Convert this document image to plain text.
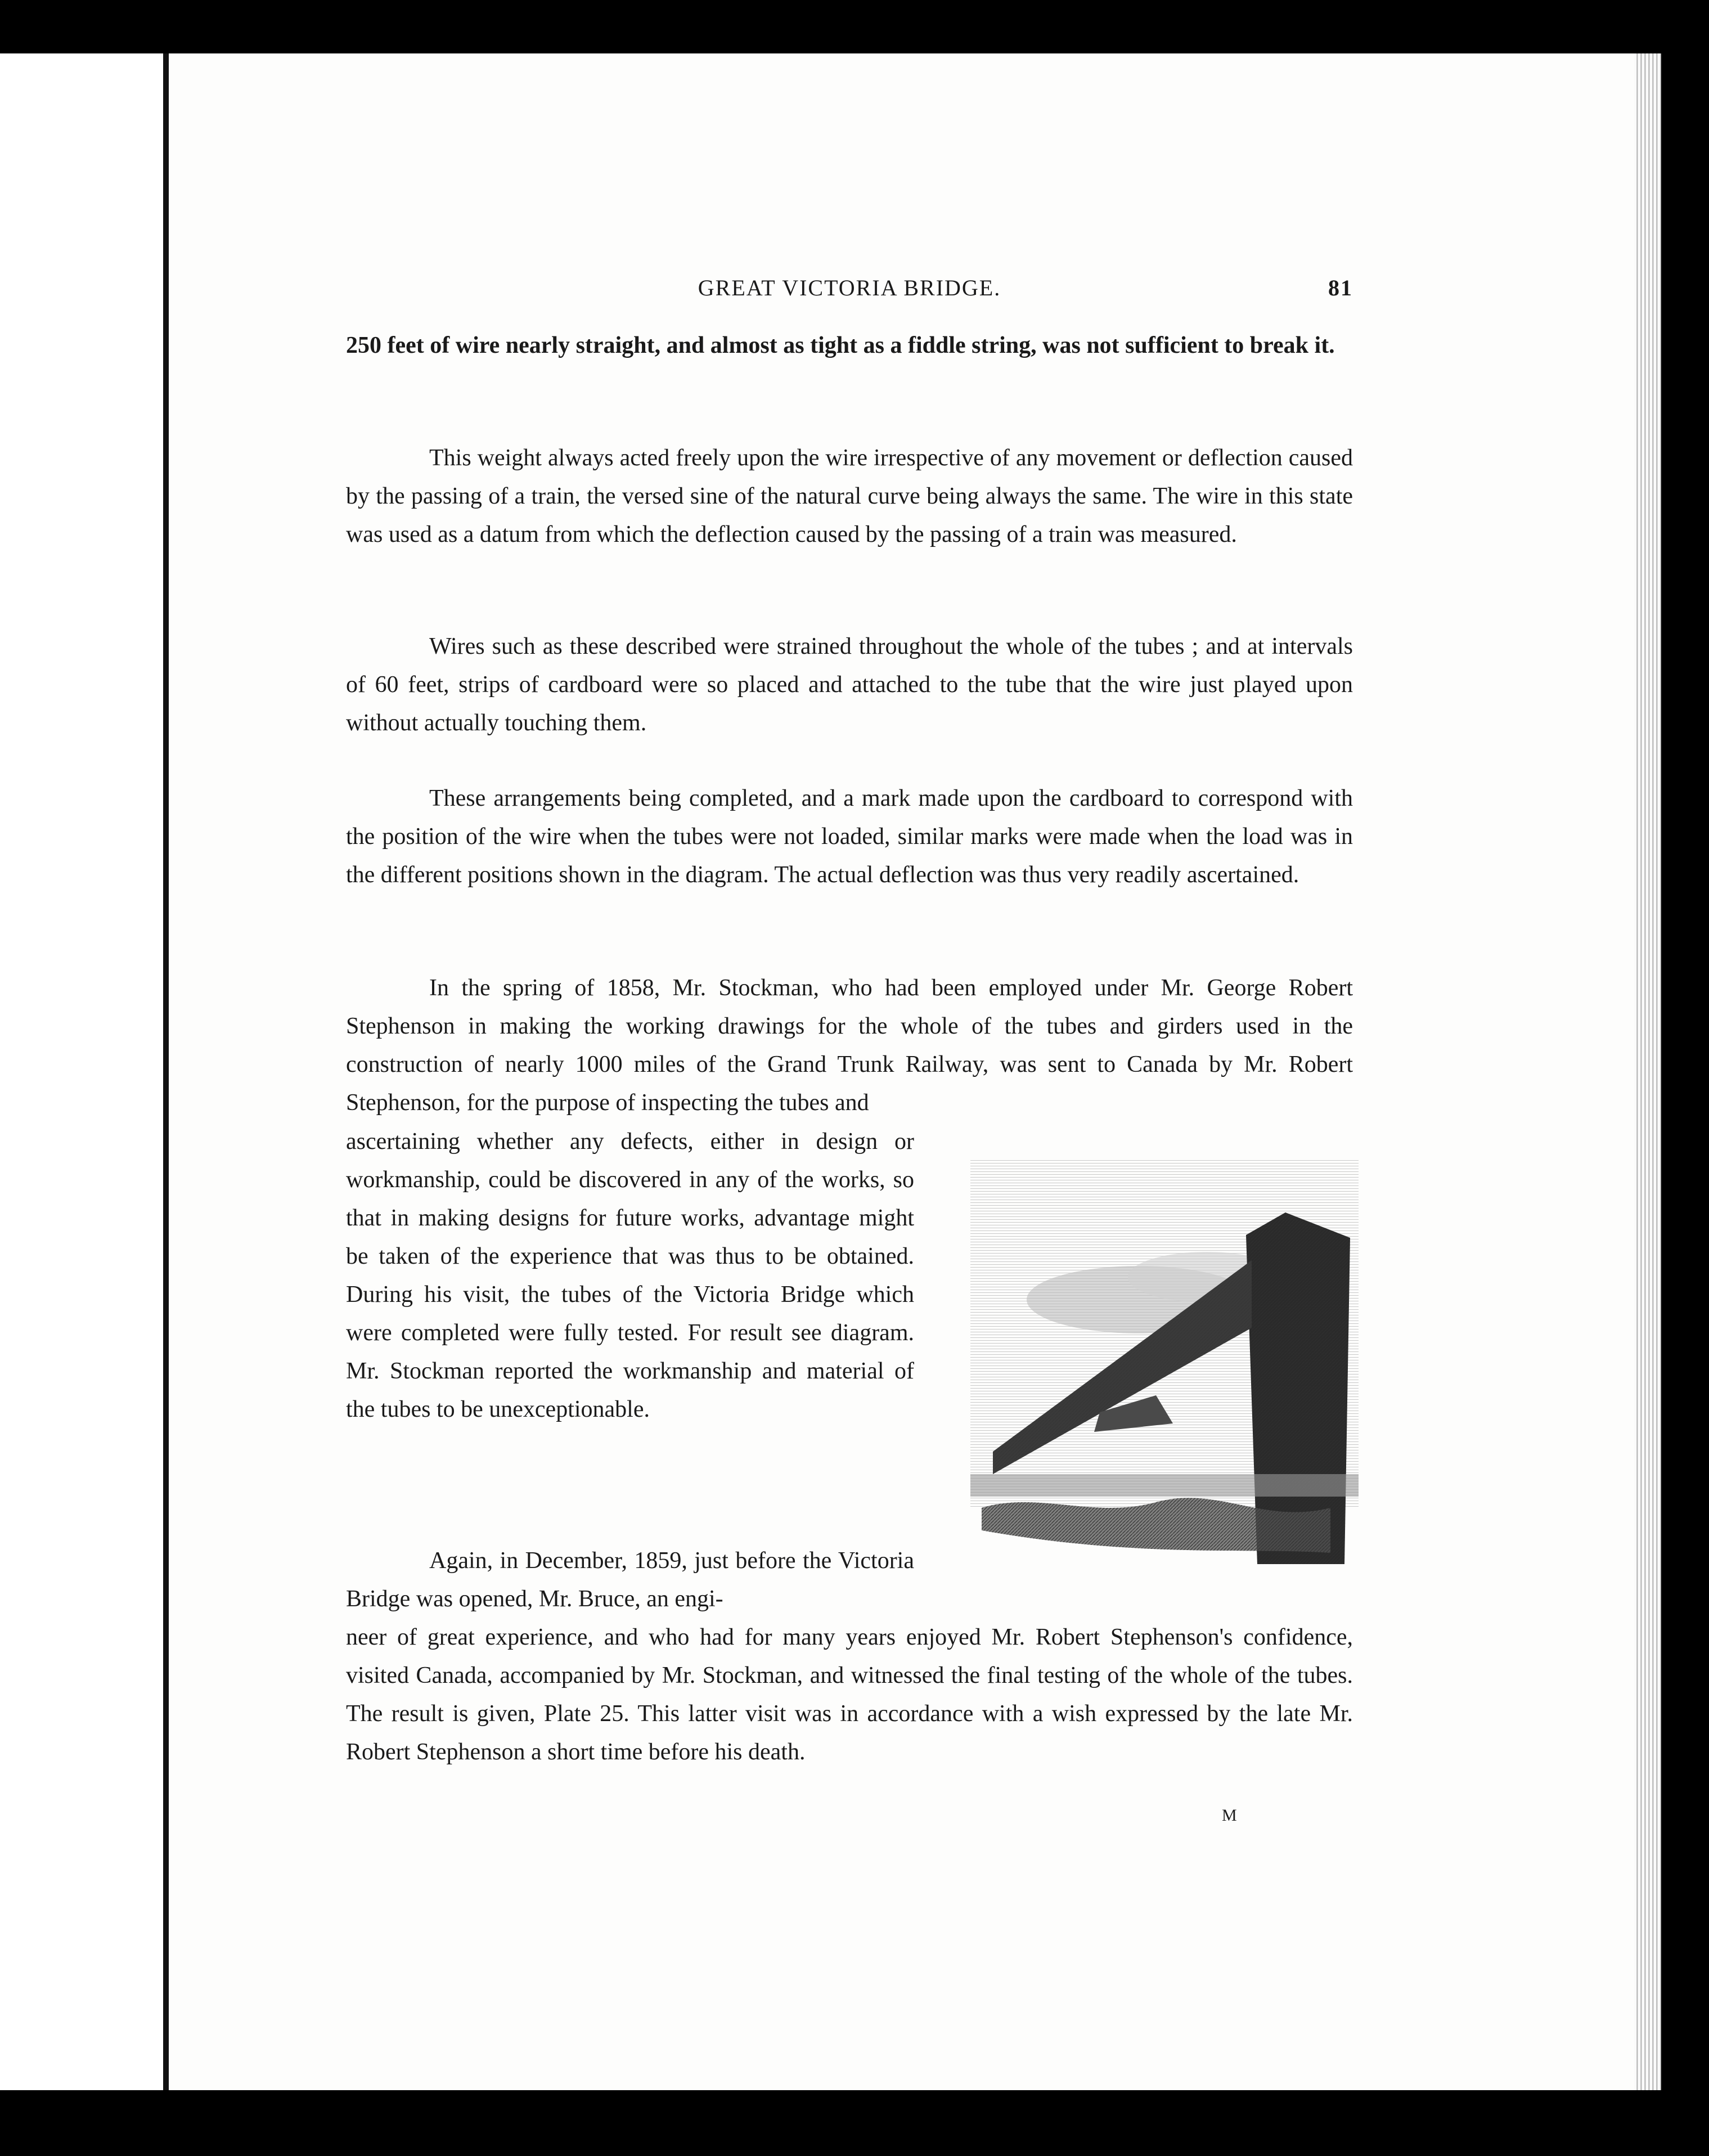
GREAT VICTORIA BRIDGE.	81

250 feet of wire nearly straight, and almost as tight as a fiddle string, was not sufficient to break it.

This weight always acted freely upon the wire irrespective of any movement or deflection caused by the passing of a train, the versed sine of the natural curve being always the same. The wire in this state was used as a datum from which the deflection caused by the passing of a train was measured.

Wires such as these described were strained throughout the whole of the tubes ; and at intervals of 60 feet, strips of cardboard were so placed and attached to the tube that the wire just played upon without actually touching them.

These arrangements being completed, and a mark made upon the cardboard to correspond with the position of the wire when the tubes were not loaded, similar marks were made when the load was in the different positions shown in the diagram. The actual deflection was thus very readily ascertained.

In the spring of 1858, Mr. Stockman, who had been employed under Mr. George Robert Stephenson in making the working drawings for the whole of the tubes and girders used in the construction of nearly 1000 miles of the Grand Trunk Railway, was sent to Canada by Mr. Robert Stephenson, for the purpose of inspecting the tubes and

ascertaining whether any defects, either in design or workmanship, could be discovered in any of the works, so that in making designs for future works, advantage might be taken of the experience that was thus to be obtained. During his visit, the tubes of the Victoria Bridge which were completed were fully tested. For result see diagram. Mr. Stockman reported the workmanship and material of the tubes to be unexceptionable.

Again, in December, 1859, just before the Victoria Bridge was opened, Mr. Bruce, an engi-

neer of great experience, and who had for many years enjoyed Mr. Robert Stephenson's confidence, visited Canada, accompanied by Mr. Stockman, and witnessed the final testing of the whole of the tubes. The result is given, Plate 25. This latter visit was in accordance with a wish expressed by the late Mr. Robert Stephenson a short time before his death.

M
